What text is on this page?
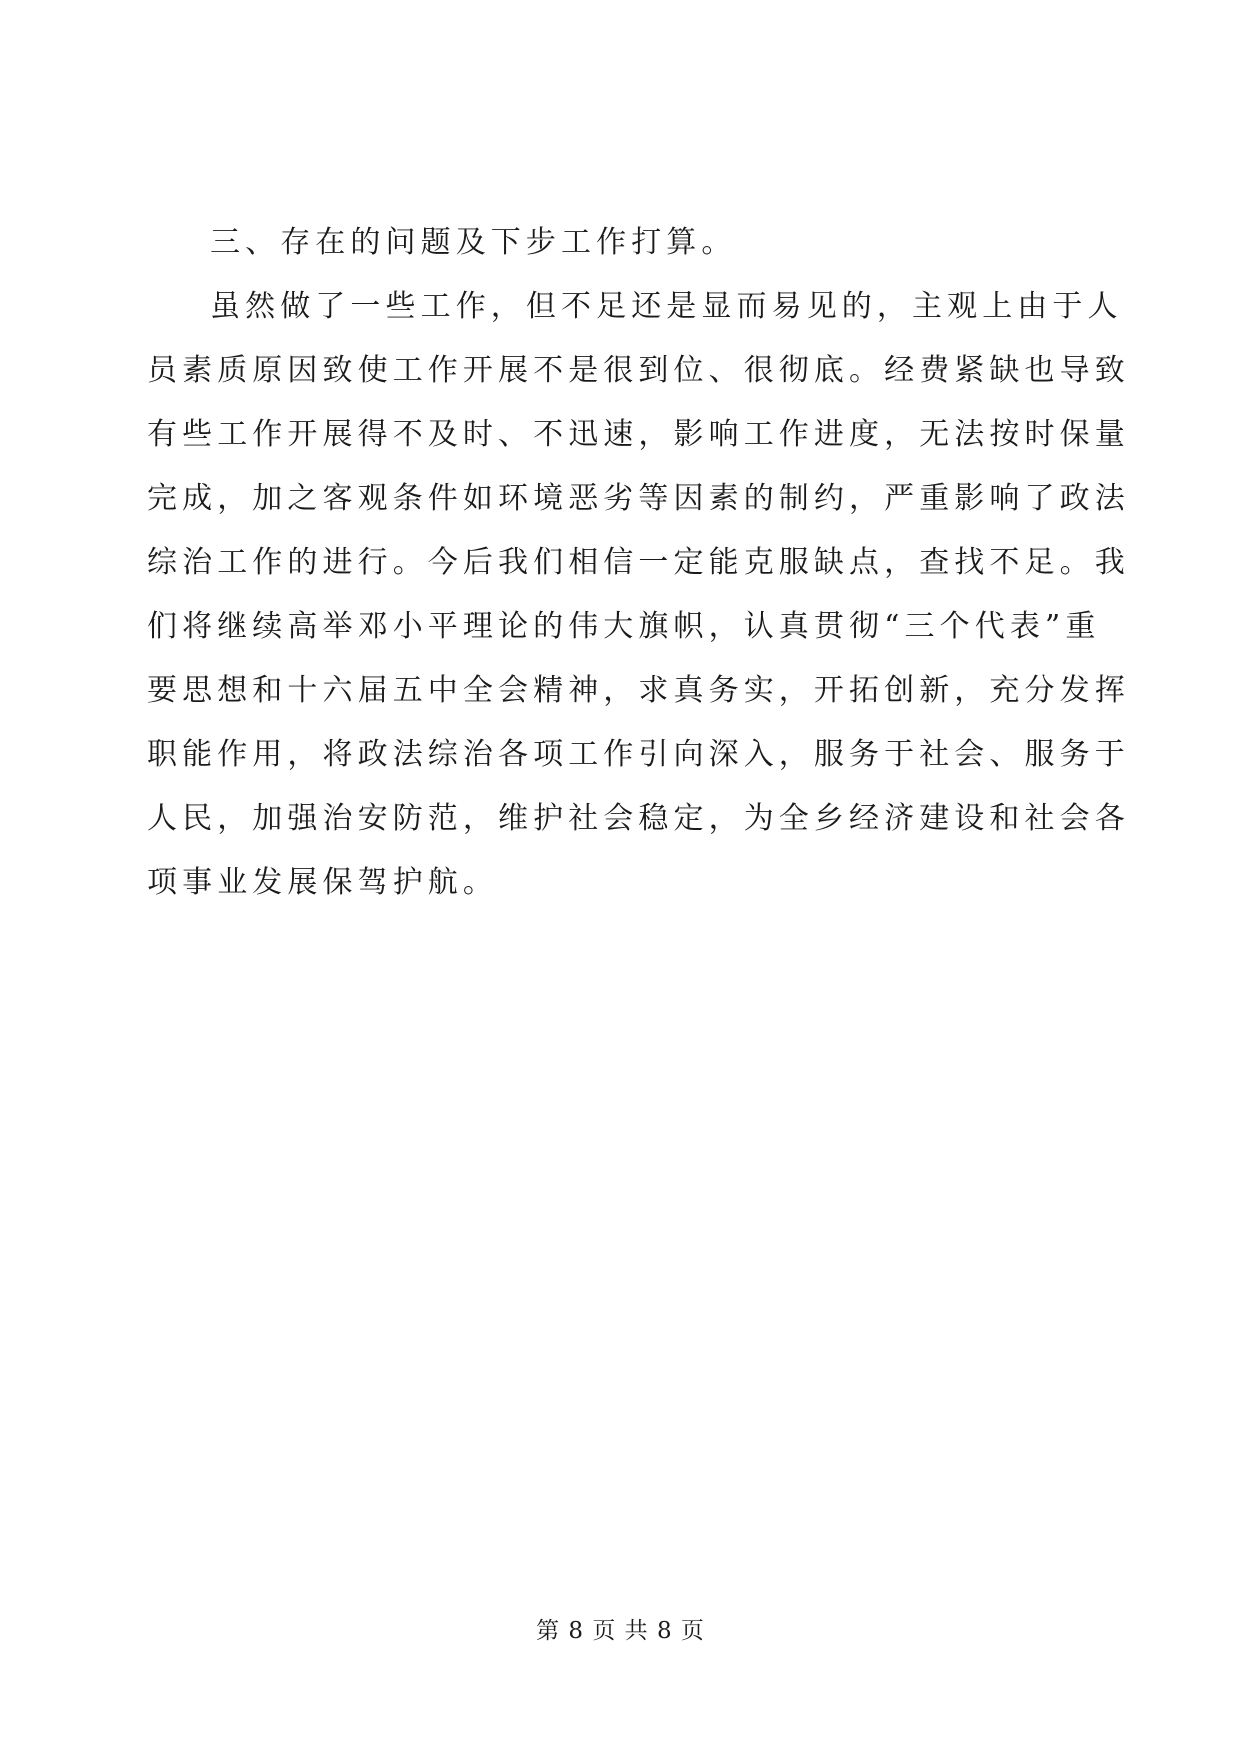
三、存在的问题及下步工作打算。
虽然做了一些工作，但不足还是显而易见的，主观上由于人
员素质原因致使工作开展不是很到位、很彻底。经费紧缺也导致
有些工作开展得不及时、不迅速，影响工作进度，无法按时保量
完成，加之客观条件如环境恶劣等因素的制约，严重影响了政法
综治工作的进行。今后我们相信一定能克服缺点，查找不足。我
们将继续高举邓小平理论的伟大旗帜，认真贯彻“三个代表”重
要思想和十六届五中全会精神，求真务实，开拓创新，充分发挥
职能作用，将政法综治各项工作引向深入，服务于社会、服务于
人民，加强治安防范，维护社会稳定，为全乡经济建设和社会各
项事业发展保驾护航。
第 8 页 共 8 页
